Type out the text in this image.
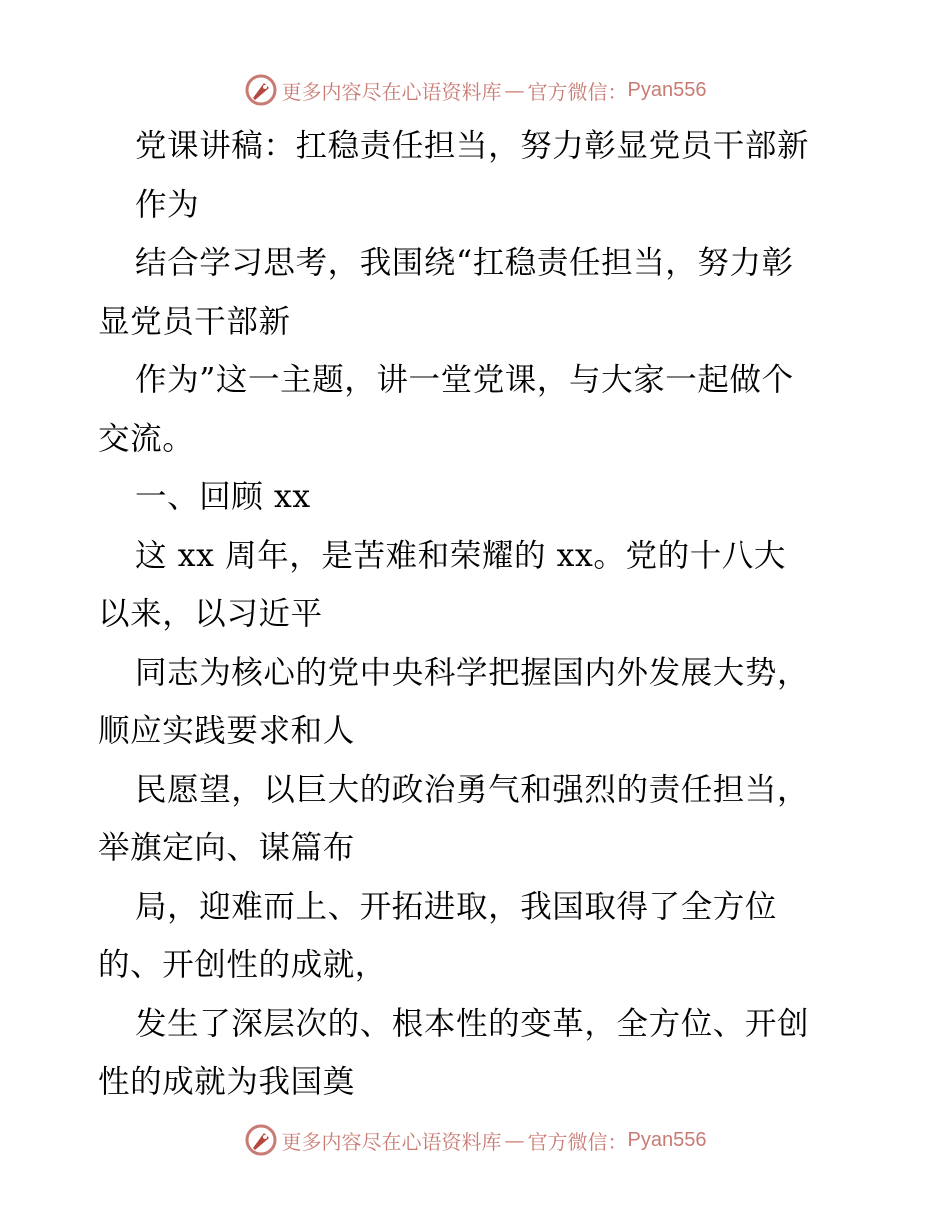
更多内容尽在心语资料库 — 官方微信： Pyan556
党课讲稿：扛稳责任担当，努力彰显党员干部新
作为
结合学习思考，我围绕“扛稳责任担当，努力彰
显党员干部新
作为”这一主题，讲一堂党课，与大家一起做个
交流。
一、回顾 xx
这 xx 周年，是苦难和荣耀的 xx。党的十八大
以来，以习近平
同志为核心的党中央科学把握国内外发展大势，
顺应实践要求和人
民愿望，以巨大的政治勇气和强烈的责任担当，
举旗定向、谋篇布
局，迎难而上、开拓进取，我国取得了全方位
的、开创性的成就，
发生了深层次的、根本性的变革，全方位、开创
性的成就为我国奠
更多内容尽在心语资料库 — 官方微信： Pyan556
